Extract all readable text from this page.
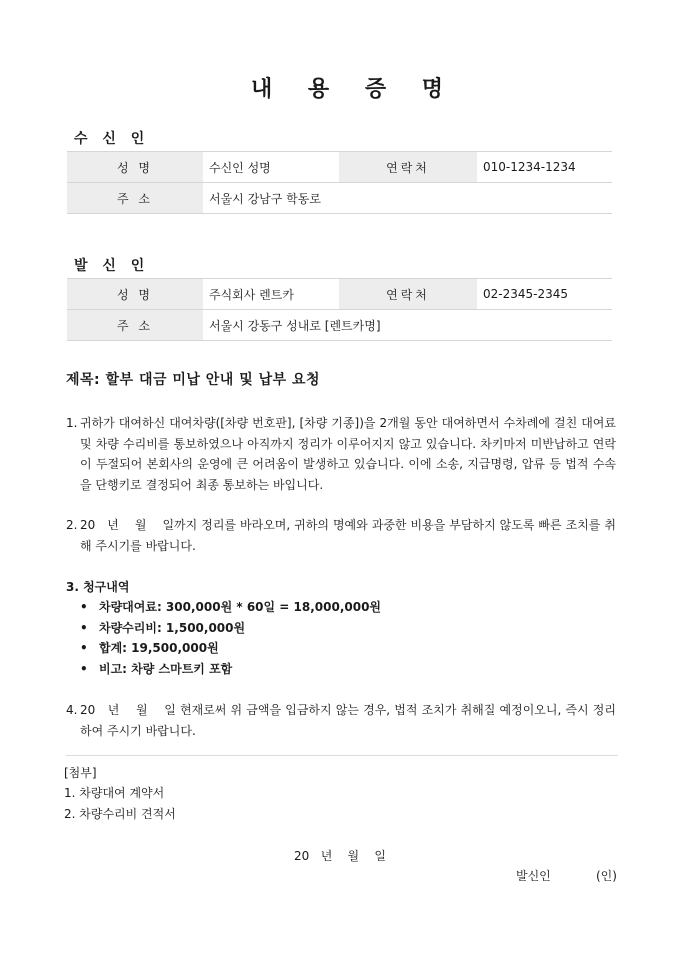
내 용 증 명
수 신 인
성 명	수신인 성명	연락처	010-1234-1234
주 소	서울시 강남구 학동로		
발 신 인
성 명	주식회사 렌트카	연락처	02-2345-2345
주 소	서울시 강동구 성내로 [렌트카명]		
제목: 할부 대금 미납 안내 및 납부 요청
1. 귀하가 대여하신 대여차량([차량 번호판], [차량 기종])을 2개월 동안 대여하면서 수차례에 걸친 대여료 및 차량 수리비를 통보하였으나 아직까지 정리가 이루어지지 않고 있습니다. 차키마저 미반납하고 연락이 두절되어 본회사의 운영에 큰 어려움이 발생하고 있습니다. 이에 소송, 지급명령, 압류 등 법적 수속을 단행키로 결정되어 최종 통보하는 바입니다.
2. 20   년    월    일까지 정리를 바라오며, 귀하의 명예와 과중한 비용을 부담하지 않도록 빠른 조치를 취해 주시기를 바랍니다.
3. 청구내역
• 차량대여료: 300,000원 * 60일 = 18,000,000원
• 차량수리비: 1,500,000원
• 합계: 19,500,000원
• 비고: 차량 스마트키 포함
4. 20   년    월    일 현재로써 위 금액을 입금하지 않는 경우, 법적 조치가 취해질 예정이오니, 즉시 정리하여 주시기 바랍니다.
[첨부]
1. 차량대여 계약서
2. 차량수리비 견적서
20   년    월    일
발신인	(인)
